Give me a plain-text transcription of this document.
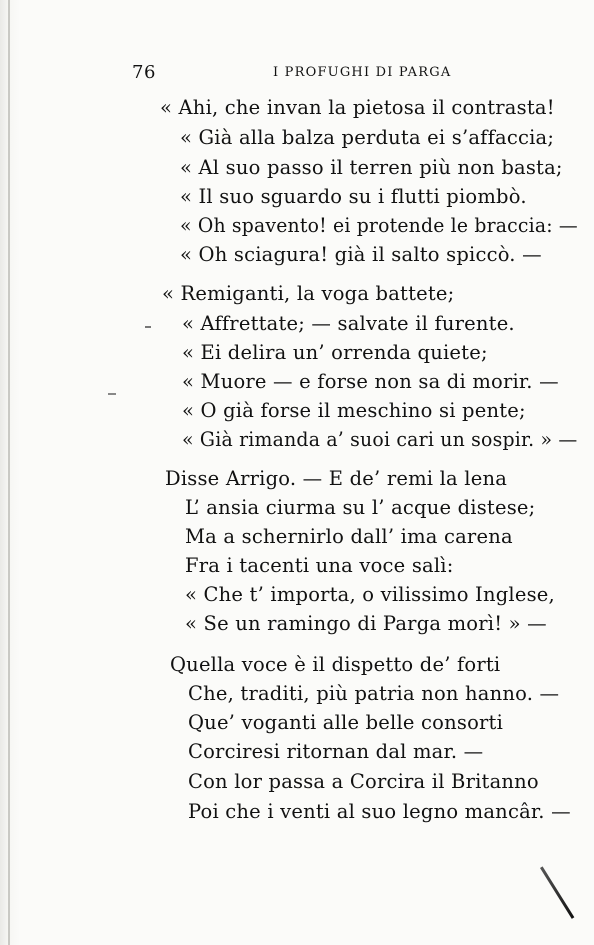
76	I PROFUGHI DI PARGA
« Ahi, che invan la pietosa il contrasta!
« Già alla balza perduta ei s’affaccia;
« Al suo passo il terren più non basta;
« Il suo sguardo su i flutti piombò.
« Oh spavento! ei protende le braccia: —
« Oh sciagura! già il salto spiccò. —
« Remiganti, la voga battete;
« Affrettate; — salvate il furente.
« Ei delira un’ orrenda quiete;
« Muore — e forse non sa di morir. —
« O già forse il meschino si pente;
« Già rimanda a’ suoi cari un sospir. » —
Disse Arrigo. — E de’ remi la lena
L’ ansia ciurma su l’ acque distese;
Ma a schernirlo dall’ ima carena
Fra i tacenti una voce salì:
« Che t’ importa, o vilissimo Inglese,
« Se un ramingo di Parga morì! » —
Quella voce è il dispetto de’ forti
Che, traditi, più patria non hanno. —
Que’ voganti alle belle consorti
Corciresi ritornan dal mar. —
Con lor passa a Corcira il Britanno
Poi che i venti al suo legno mancâr. —
